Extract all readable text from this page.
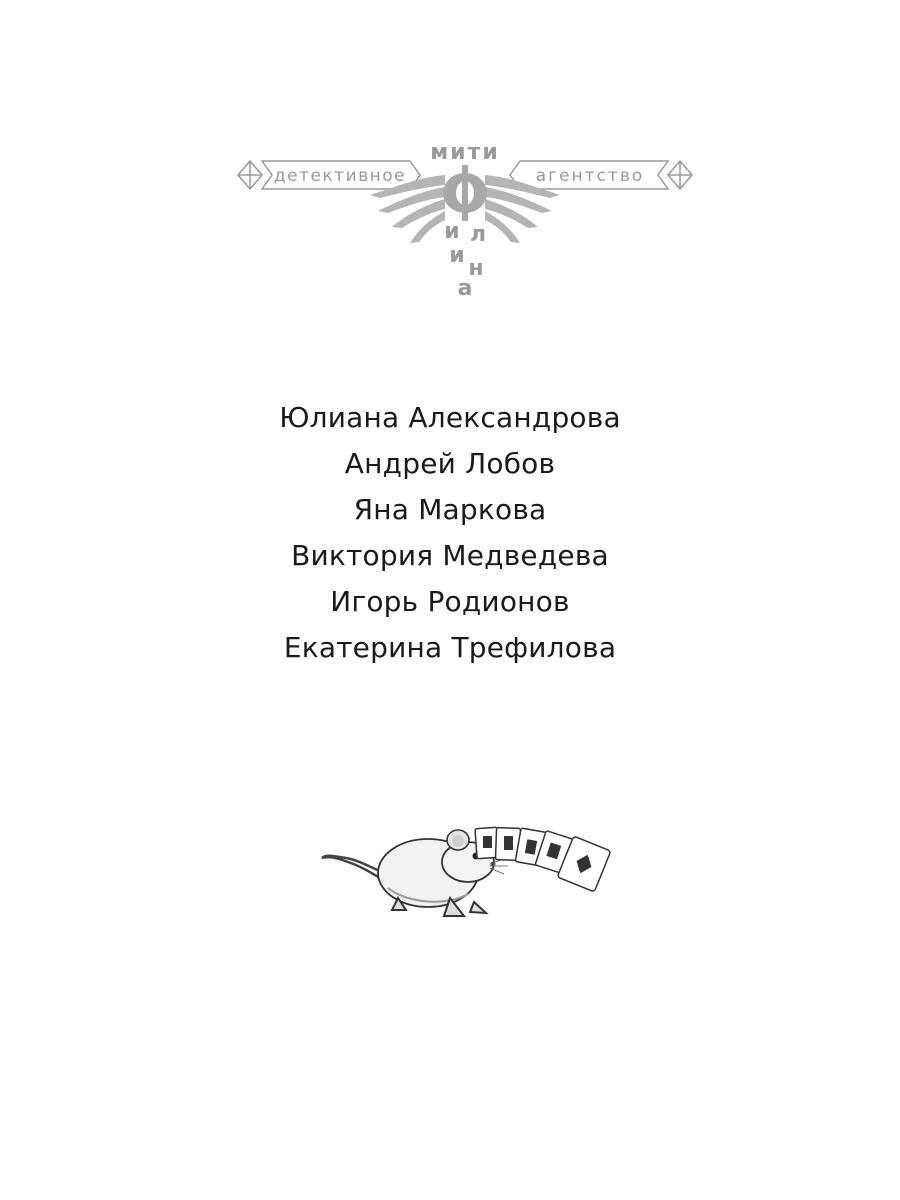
детективное	агентство
мити
и л
и
н
а
Юлиана Александрова
Андрей Лобов
Яна Маркова
Виктория Медведева
Игорь Родионов
Екатерина Трефилова
